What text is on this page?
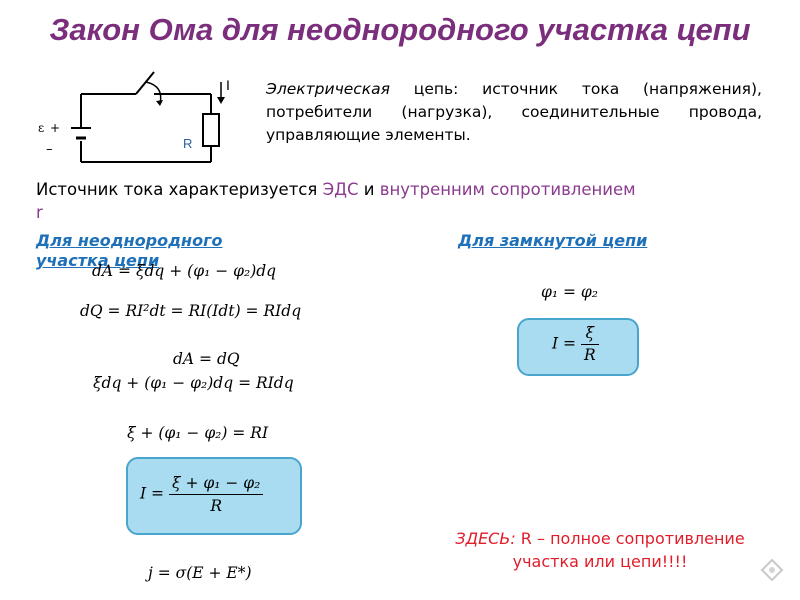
Закон Ома для неоднородного участка цепи
I
R
ε +
–
Электрическая цепь: источник тока (напряжения), потребители (нагрузка), соединительные провода, управляющие элементы.
Источник тока характеризуется ЭДС и внутренним сопротивлением r
Для неоднородного участка цепи
Для замкнутой цепи
dA = ξdq + (φ₁ − φ₂)dq
dQ = RI²dt = RI(Idt) = RIdq
dA = dQ
ξdq + (φ₁ − φ₂)dq = RIdq
ξ + (φ₁ − φ₂) = RI
$I = \frac{\text{ξ + φ₁ − φ₂}}{R}$
j = σ(E + E*)
φ₁ = φ₂
$I = \frac{\xi}{R}$
ЗДЕСЬ: R – полное сопротивление участка или цепи!!!!
